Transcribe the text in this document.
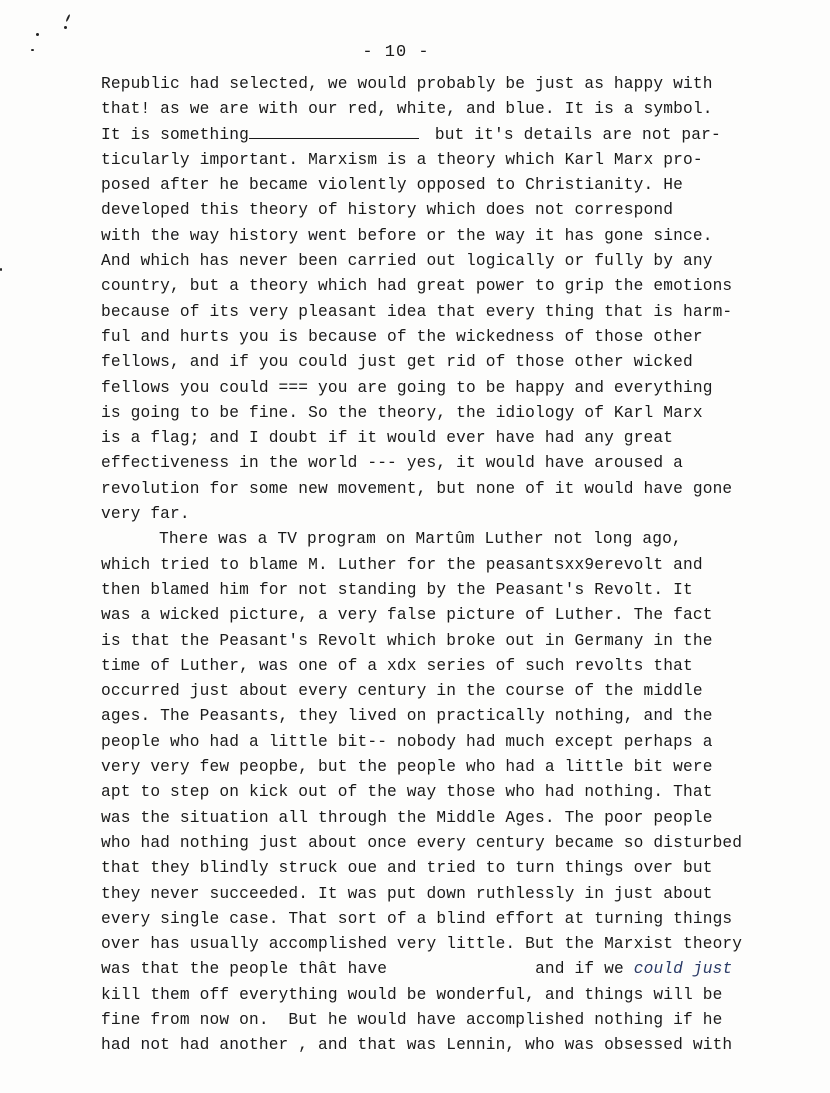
- 10 -
Republic had selected, we would probably be just as happy with
that! as we are with our red, white, and blue. It is a symbol.
It is something	but it's details are not par-
ticularly important. Marxism is a theory which Karl Marx pro-
posed after he became violently opposed to Christianity. He
developed this theory of history which does not correspond
with the way history went before or the way it has gone since.
And which has never been carried out logically or fully by any
country, but a theory which had great power to grip the emotions
because of its very pleasant idea that every thing that is harm-
ful and hurts you is because of the wickedness of those other
fellows, and if you could just get rid of those other wicked
fellows you could === you are going to be happy and everything
is going to be fine. So the theory, the idiology of Karl Marx
is a flag; and I doubt if it would ever have had any great
effectiveness in the world --- yes, it would have aroused a
revolution for some new movement, but none of it would have gone
very far.
There was a TV program on Martûm Luther not long ago,
which tried to blame M. Luther for the peasantsxx9erevolt and
then blamed him for not standing by the Peasant's Revolt. It
was a wicked picture, a very false picture of Luther. The fact
is that the Peasant's Revolt which broke out in Germany in the
time of Luther, was one of a xdx series of such revolts that
occurred just about every century in the course of the middle
ages. The Peasants, they lived on practically nothing, and the
people who had a little bit-- nobody had much except perhaps a
very very few peopbe, but the people who had a little bit were
apt to step on kick out of the way those who had nothing. That
was the situation all through the Middle Ages. The poor people
who had nothing just about once every century became so disturbed
that they blindly struck oue and tried to turn things over but
they never succeeded. It was put down ruthlessly in just about
every single case. That sort of a blind effort at turning things
over has usually accomplished very little. But the Marxist theory
was that the people thât have	and if we could just
kill them off everything would be wonderful, and things will be
fine from now on.  But he would have accomplished nothing if he
had not had another , and that was Lennin, who was obsessed with
